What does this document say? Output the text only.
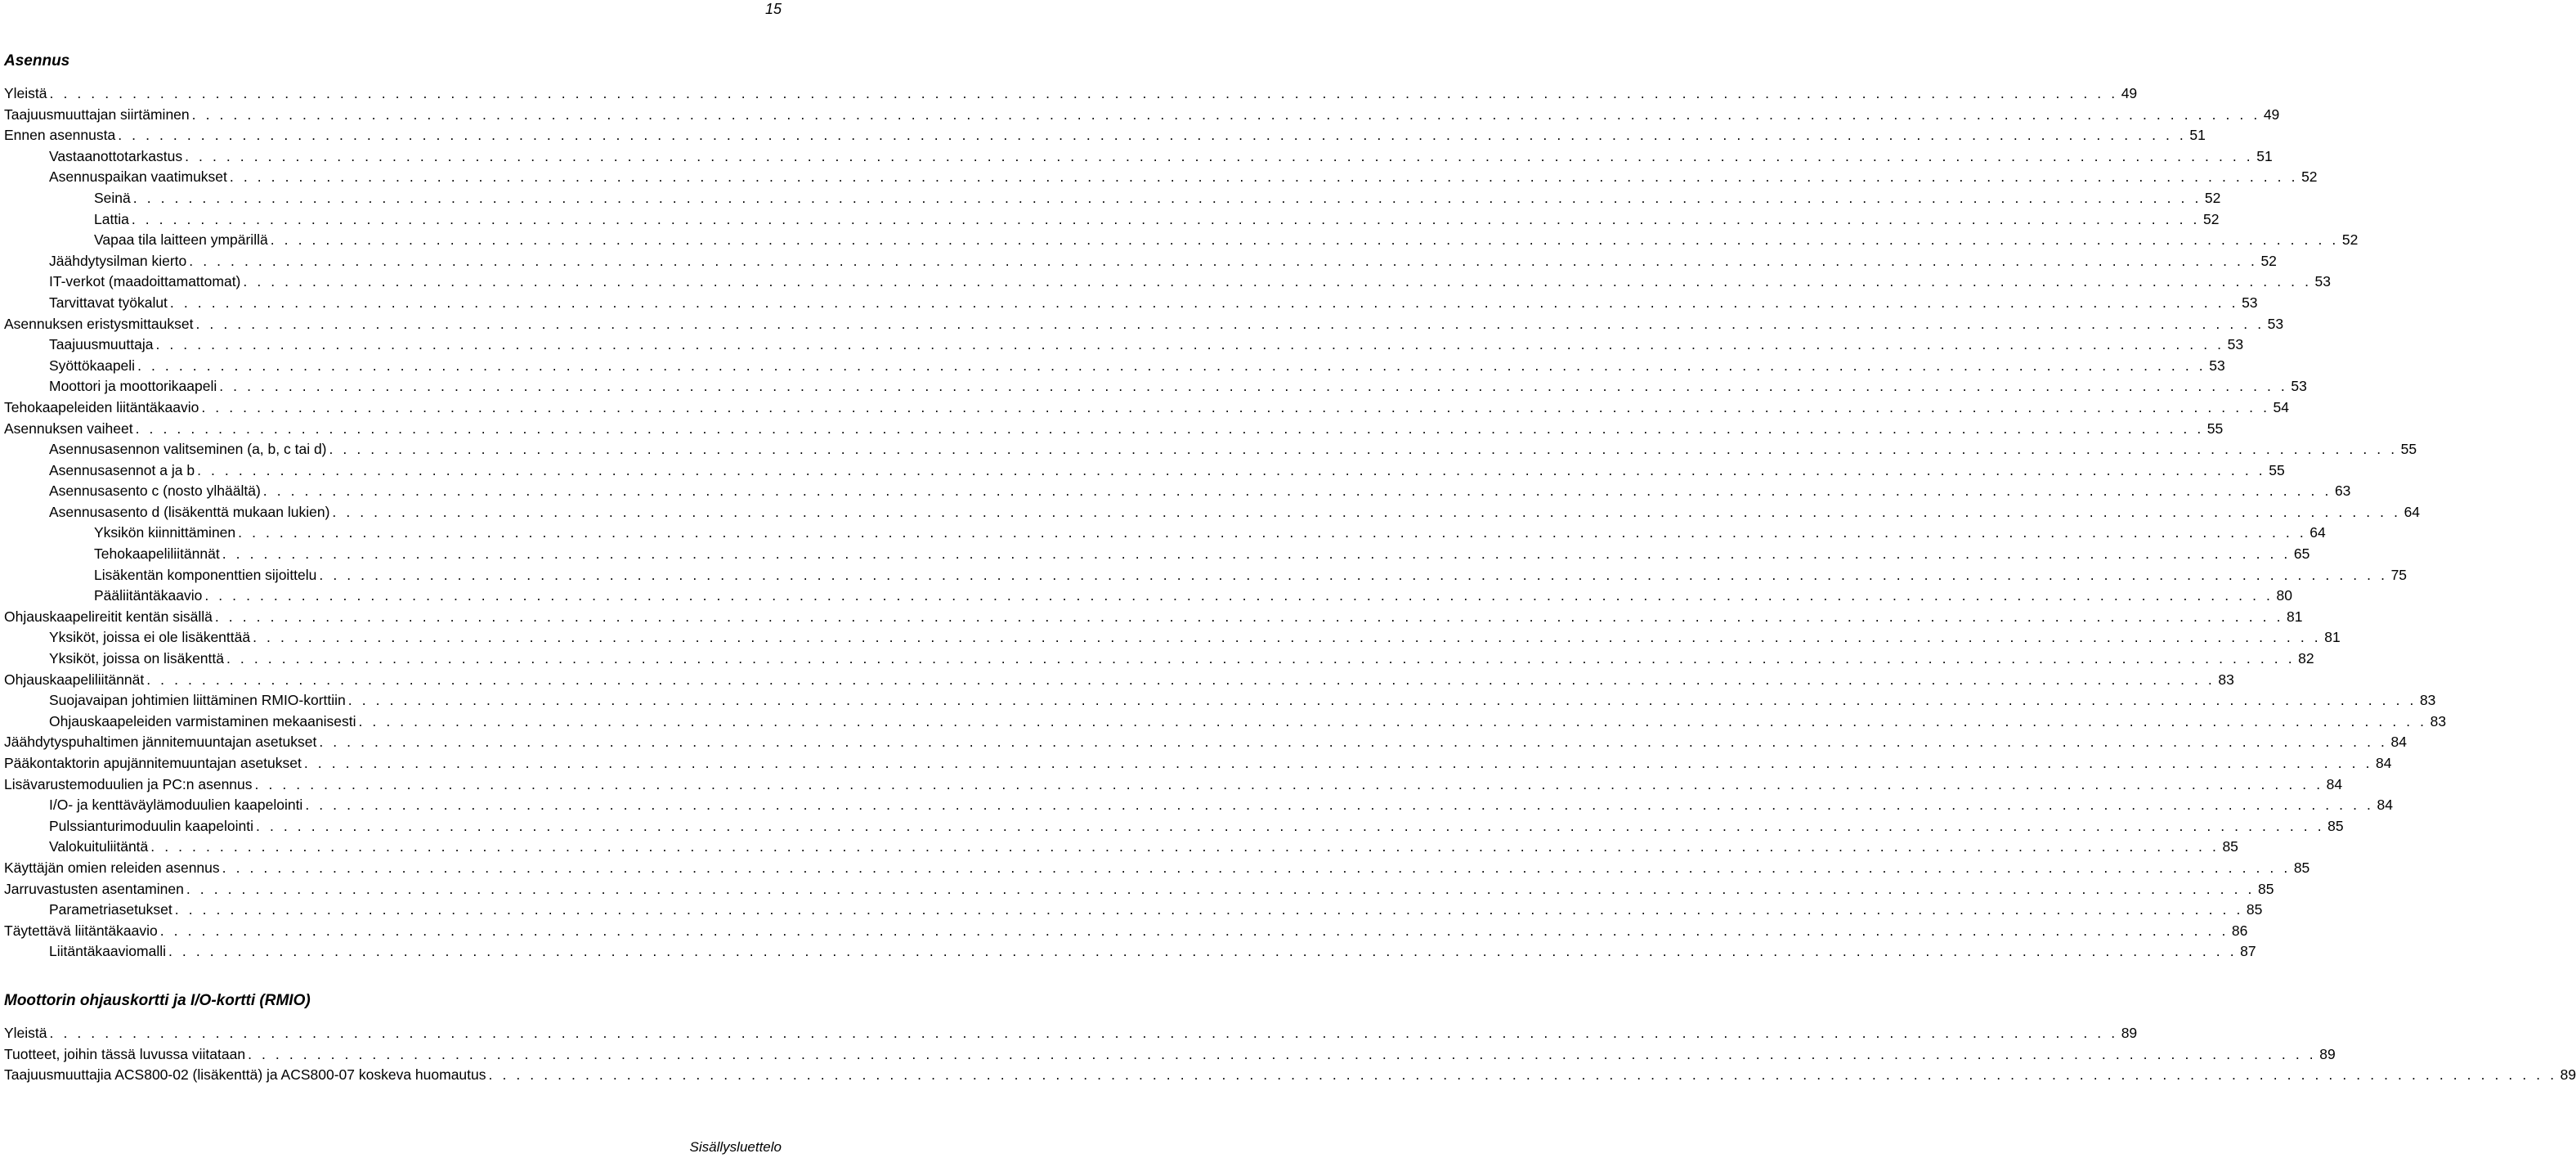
15
Asennus
Yleistä . . . . . . . . . . . . . . . . . . . . . . . . . . . . . . . . . . . . . . . . . . . . . . . . . . . . . . . . . . . . . . . . . . . . . . . . . . . . . . . . . . . . . . . . . . . . . . . . . . . . . . . . . . . . . . . . . . . . . . . . . . . . . . . . . . . . . . . . . . . . . . . . . . . . . . 49
Taajuusmuuttajan siirtäminen . . . . . . . . . . . . . . . . . . . . . . . . . . . . . . . . . . . . . . . . . . . . . . . . . . . . . . . . . . . . . . . . . . . . . . . . . . . . . . . . . . . . . . . . . . . . . . . . . . . . . . . . . . . . . . . . . . . . . . . . . . . . . . . . . . . . . . . . . . . . . . . . . . . . . . 49
Ennen asennusta . . . . . . . . . . . . . . . . . . . . . . . . . . . . . . . . . . . . . . . . . . . . . . . . . . . . . . . . . . . . . . . . . . . . . . . . . . . . . . . . . . . . . . . . . . . . . . . . . . . . . . . . . . . . . . . . . . . . . . . . . . . . . . . . . . . . . . . . . . . . . . . . . . . . . . 51
Vastaanottotarkastus . . . . . . . . . . . . . . . . . . . . . . . . . . . . . . . . . . . . . . . . . . . . . . . . . . . . . . . . . . . . . . . . . . . . . . . . . . . . . . . . . . . . . . . . . . . . . . . . . . . . . . . . . . . . . . . . . . . . . . . . . . . . . . . . . . . . . . . . . . . . . . . . . . . . . . 51
Asennuspaikan vaatimukset . . . . . . . . . . . . . . . . . . . . . . . . . . . . . . . . . . . . . . . . . . . . . . . . . . . . . . . . . . . . . . . . . . . . . . . . . . . . . . . . . . . . . . . . . . . . . . . . . . . . . . . . . . . . . . . . . . . . . . . . . . . . . . . . . . . . . . . . . . . . . . . . . . . . . . 52
Seinä . . . . . . . . . . . . . . . . . . . . . . . . . . . . . . . . . . . . . . . . . . . . . . . . . . . . . . . . . . . . . . . . . . . . . . . . . . . . . . . . . . . . . . . . . . . . . . . . . . . . . . . . . . . . . . . . . . . . . . . . . . . . . . . . . . . . . . . . . . . . . . . . . . . . . . 52
Lattia . . . . . . . . . . . . . . . . . . . . . . . . . . . . . . . . . . . . . . . . . . . . . . . . . . . . . . . . . . . . . . . . . . . . . . . . . . . . . . . . . . . . . . . . . . . . . . . . . . . . . . . . . . . . . . . . . . . . . . . . . . . . . . . . . . . . . . . . . . . . . . . . . . . . . . 52
Vapaa tila laitteen ympärillä . . . . . . . . . . . . . . . . . . . . . . . . . . . . . . . . . . . . . . . . . . . . . . . . . . . . . . . . . . . . . . . . . . . . . . . . . . . . . . . . . . . . . . . . . . . . . . . . . . . . . . . . . . . . . . . . . . . . . . . . . . . . . . . . . . . . . . . . . . . . . . . . . . . . . . 52
Jäähdytysilman kierto . . . . . . . . . . . . . . . . . . . . . . . . . . . . . . . . . . . . . . . . . . . . . . . . . . . . . . . . . . . . . . . . . . . . . . . . . . . . . . . . . . . . . . . . . . . . . . . . . . . . . . . . . . . . . . . . . . . . . . . . . . . . . . . . . . . . . . . . . . . . . . . . . . . . . . 52
IT-verkot (maadoittamattomat) . . . . . . . . . . . . . . . . . . . . . . . . . . . . . . . . . . . . . . . . . . . . . . . . . . . . . . . . . . . . . . . . . . . . . . . . . . . . . . . . . . . . . . . . . . . . . . . . . . . . . . . . . . . . . . . . . . . . . . . . . . . . . . . . . . . . . . . . . . . . . . . . . . . . . . 53
Tarvittavat työkalut . . . . . . . . . . . . . . . . . . . . . . . . . . . . . . . . . . . . . . . . . . . . . . . . . . . . . . . . . . . . . . . . . . . . . . . . . . . . . . . . . . . . . . . . . . . . . . . . . . . . . . . . . . . . . . . . . . . . . . . . . . . . . . . . . . . . . . . . . . . . . . . . . . . . . . 53
Asennuksen eristysmittaukset . . . . . . . . . . . . . . . . . . . . . . . . . . . . . . . . . . . . . . . . . . . . . . . . . . . . . . . . . . . . . . . . . . . . . . . . . . . . . . . . . . . . . . . . . . . . . . . . . . . . . . . . . . . . . . . . . . . . . . . . . . . . . . . . . . . . . . . . . . . . . . . . . . . . . . 53
Taajuusmuuttaja . . . . . . . . . . . . . . . . . . . . . . . . . . . . . . . . . . . . . . . . . . . . . . . . . . . . . . . . . . . . . . . . . . . . . . . . . . . . . . . . . . . . . . . . . . . . . . . . . . . . . . . . . . . . . . . . . . . . . . . . . . . . . . . . . . . . . . . . . . . . . . . . . . . . . . 53
Syöttökaapeli . . . . . . . . . . . . . . . . . . . . . . . . . . . . . . . . . . . . . . . . . . . . . . . . . . . . . . . . . . . . . . . . . . . . . . . . . . . . . . . . . . . . . . . . . . . . . . . . . . . . . . . . . . . . . . . . . . . . . . . . . . . . . . . . . . . . . . . . . . . . . . . . . . . . . . 53
Moottori ja moottorikaapeli . . . . . . . . . . . . . . . . . . . . . . . . . . . . . . . . . . . . . . . . . . . . . . . . . . . . . . . . . . . . . . . . . . . . . . . . . . . . . . . . . . . . . . . . . . . . . . . . . . . . . . . . . . . . . . . . . . . . . . . . . . . . . . . . . . . . . . . . . . . . . . . . . . . . . . 53
Tehokaapeleiden liitäntäkaavio . . . . . . . . . . . . . . . . . . . . . . . . . . . . . . . . . . . . . . . . . . . . . . . . . . . . . . . . . . . . . . . . . . . . . . . . . . . . . . . . . . . . . . . . . . . . . . . . . . . . . . . . . . . . . . . . . . . . . . . . . . . . . . . . . . . . . . . . . . . . . . . . . . . . . . 54
Asennuksen vaiheet . . . . . . . . . . . . . . . . . . . . . . . . . . . . . . . . . . . . . . . . . . . . . . . . . . . . . . . . . . . . . . . . . . . . . . . . . . . . . . . . . . . . . . . . . . . . . . . . . . . . . . . . . . . . . . . . . . . . . . . . . . . . . . . . . . . . . . . . . . . . . . . . . . . . . . 55
Asennusasennon valitseminen (a, b, c tai d) . . . . . . . . . . . . . . . . . . . . . . . . . . . . . . . . . . . . . . . . . . . . . . . . . . . . . . . . . . . . . . . . . . . . . . . . . . . . . . . . . . . . . . . . . . . . . . . . . . . . . . . . . . . . . . . . . . . . . . . . . . . . . . . . . . . . . . . . . . . . . . . . . . . . . . 55
Asennusasennot a ja b . . . . . . . . . . . . . . . . . . . . . . . . . . . . . . . . . . . . . . . . . . . . . . . . . . . . . . . . . . . . . . . . . . . . . . . . . . . . . . . . . . . . . . . . . . . . . . . . . . . . . . . . . . . . . . . . . . . . . . . . . . . . . . . . . . . . . . . . . . . . . . . . . . . . . . 55
Asennusasento c (nosto ylhäältä) . . . . . . . . . . . . . . . . . . . . . . . . . . . . . . . . . . . . . . . . . . . . . . . . . . . . . . . . . . . . . . . . . . . . . . . . . . . . . . . . . . . . . . . . . . . . . . . . . . . . . . . . . . . . . . . . . . . . . . . . . . . . . . . . . . . . . . . . . . . . . . . . . . . . . . 63
Asennusasento d (lisäkenttä mukaan lukien) . . . . . . . . . . . . . . . . . . . . . . . . . . . . . . . . . . . . . . . . . . . . . . . . . . . . . . . . . . . . . . . . . . . . . . . . . . . . . . . . . . . . . . . . . . . . . . . . . . . . . . . . . . . . . . . . . . . . . . . . . . . . . . . . . . . . . . . . . . . . . . . . . . . . . . 64
Yksikön kiinnittäminen . . . . . . . . . . . . . . . . . . . . . . . . . . . . . . . . . . . . . . . . . . . . . . . . . . . . . . . . . . . . . . . . . . . . . . . . . . . . . . . . . . . . . . . . . . . . . . . . . . . . . . . . . . . . . . . . . . . . . . . . . . . . . . . . . . . . . . . . . . . . . . . . . . . . . . 64
Tehokaapeliliitännät . . . . . . . . . . . . . . . . . . . . . . . . . . . . . . . . . . . . . . . . . . . . . . . . . . . . . . . . . . . . . . . . . . . . . . . . . . . . . . . . . . . . . . . . . . . . . . . . . . . . . . . . . . . . . . . . . . . . . . . . . . . . . . . . . . . . . . . . . . . . . . . . . . . . . . 65
Lisäkentän komponenttien sijoittelu . . . . . . . . . . . . . . . . . . . . . . . . . . . . . . . . . . . . . . . . . . . . . . . . . . . . . . . . . . . . . . . . . . . . . . . . . . . . . . . . . . . . . . . . . . . . . . . . . . . . . . . . . . . . . . . . . . . . . . . . . . . . . . . . . . . . . . . . . . . . . . . . . . . . . . 75
Pääliitäntäkaavio . . . . . . . . . . . . . . . . . . . . . . . . . . . . . . . . . . . . . . . . . . . . . . . . . . . . . . . . . . . . . . . . . . . . . . . . . . . . . . . . . . . . . . . . . . . . . . . . . . . . . . . . . . . . . . . . . . . . . . . . . . . . . . . . . . . . . . . . . . . . . . . . . . . . . . 80
Ohjauskaapelireitit kentän sisällä . . . . . . . . . . . . . . . . . . . . . . . . . . . . . . . . . . . . . . . . . . . . . . . . . . . . . . . . . . . . . . . . . . . . . . . . . . . . . . . . . . . . . . . . . . . . . . . . . . . . . . . . . . . . . . . . . . . . . . . . . . . . . . . . . . . . . . . . . . . . . . . . . . . . . . 81
Yksiköt, joissa ei ole lisäkenttää . . . . . . . . . . . . . . . . . . . . . . . . . . . . . . . . . . . . . . . . . . . . . . . . . . . . . . . . . . . . . . . . . . . . . . . . . . . . . . . . . . . . . . . . . . . . . . . . . . . . . . . . . . . . . . . . . . . . . . . . . . . . . . . . . . . . . . . . . . . . . . . . . . . . . . 81
Yksiköt, joissa on lisäkenttä . . . . . . . . . . . . . . . . . . . . . . . . . . . . . . . . . . . . . . . . . . . . . . . . . . . . . . . . . . . . . . . . . . . . . . . . . . . . . . . . . . . . . . . . . . . . . . . . . . . . . . . . . . . . . . . . . . . . . . . . . . . . . . . . . . . . . . . . . . . . . . . . . . . . . . 82
Ohjauskaapeliliitännät . . . . . . . . . . . . . . . . . . . . . . . . . . . . . . . . . . . . . . . . . . . . . . . . . . . . . . . . . . . . . . . . . . . . . . . . . . . . . . . . . . . . . . . . . . . . . . . . . . . . . . . . . . . . . . . . . . . . . . . . . . . . . . . . . . . . . . . . . . . . . . . . . . . . . . 83
Suojavaipan johtimien liittäminen RMIO-korttiin . . . . . . . . . . . . . . . . . . . . . . . . . . . . . . . . . . . . . . . . . . . . . . . . . . . . . . . . . . . . . . . . . . . . . . . . . . . . . . . . . . . . . . . . . . . . . . . . . . . . . . . . . . . . . . . . . . . . . . . . . . . . . . . . . . . . . . . . . . . . . . . . . . . . . . 83
Ohjauskaapeleiden varmistaminen mekaanisesti . . . . . . . . . . . . . . . . . . . . . . . . . . . . . . . . . . . . . . . . . . . . . . . . . . . . . . . . . . . . . . . . . . . . . . . . . . . . . . . . . . . . . . . . . . . . . . . . . . . . . . . . . . . . . . . . . . . . . . . . . . . . . . . . . . . . . . . . . . . . . . . . . . . . . . 83
Jäähdytyspuhaltimen jännitemuuntajan asetukset . . . . . . . . . . . . . . . . . . . . . . . . . . . . . . . . . . . . . . . . . . . . . . . . . . . . . . . . . . . . . . . . . . . . . . . . . . . . . . . . . . . . . . . . . . . . . . . . . . . . . . . . . . . . . . . . . . . . . . . . . . . . . . . . . . . . . . . . . . . . . . . . . . . . . . 84
Pääkontaktorin apujännitemuuntajan asetukset . . . . . . . . . . . . . . . . . . . . . . . . . . . . . . . . . . . . . . . . . . . . . . . . . . . . . . . . . . . . . . . . . . . . . . . . . . . . . . . . . . . . . . . . . . . . . . . . . . . . . . . . . . . . . . . . . . . . . . . . . . . . . . . . . . . . . . . . . . . . . . . . . . . . . . 84
Lisävarustemoduulien ja PC:n asennus . . . . . . . . . . . . . . . . . . . . . . . . . . . . . . . . . . . . . . . . . . . . . . . . . . . . . . . . . . . . . . . . . . . . . . . . . . . . . . . . . . . . . . . . . . . . . . . . . . . . . . . . . . . . . . . . . . . . . . . . . . . . . . . . . . . . . . . . . . . . . . . . . . . . . . 84
I/O- ja kenttäväylämoduulien kaapelointi . . . . . . . . . . . . . . . . . . . . . . . . . . . . . . . . . . . . . . . . . . . . . . . . . . . . . . . . . . . . . . . . . . . . . . . . . . . . . . . . . . . . . . . . . . . . . . . . . . . . . . . . . . . . . . . . . . . . . . . . . . . . . . . . . . . . . . . . . . . . . . . . . . . . . . 84
Pulssianturimoduulin kaapelointi . . . . . . . . . . . . . . . . . . . . . . . . . . . . . . . . . . . . . . . . . . . . . . . . . . . . . . . . . . . . . . . . . . . . . . . . . . . . . . . . . . . . . . . . . . . . . . . . . . . . . . . . . . . . . . . . . . . . . . . . . . . . . . . . . . . . . . . . . . . . . . . . . . . . . . 85
Valokuituliitäntä . . . . . . . . . . . . . . . . . . . . . . . . . . . . . . . . . . . . . . . . . . . . . . . . . . . . . . . . . . . . . . . . . . . . . . . . . . . . . . . . . . . . . . . . . . . . . . . . . . . . . . . . . . . . . . . . . . . . . . . . . . . . . . . . . . . . . . . . . . . . . . . . . . . . . . 85
Käyttäjän omien releiden asennus . . . . . . . . . . . . . . . . . . . . . . . . . . . . . . . . . . . . . . . . . . . . . . . . . . . . . . . . . . . . . . . . . . . . . . . . . . . . . . . . . . . . . . . . . . . . . . . . . . . . . . . . . . . . . . . . . . . . . . . . . . . . . . . . . . . . . . . . . . . . . . . . . . . . . . 85
Jarruvastusten asentaminen . . . . . . . . . . . . . . . . . . . . . . . . . . . . . . . . . . . . . . . . . . . . . . . . . . . . . . . . . . . . . . . . . . . . . . . . . . . . . . . . . . . . . . . . . . . . . . . . . . . . . . . . . . . . . . . . . . . . . . . . . . . . . . . . . . . . . . . . . . . . . . . . . . . . . . 85
Parametriasetukset . . . . . . . . . . . . . . . . . . . . . . . . . . . . . . . . . . . . . . . . . . . . . . . . . . . . . . . . . . . . . . . . . . . . . . . . . . . . . . . . . . . . . . . . . . . . . . . . . . . . . . . . . . . . . . . . . . . . . . . . . . . . . . . . . . . . . . . . . . . . . . . . . . . . . . 85
Täytettävä liitäntäkaavio . . . . . . . . . . . . . . . . . . . . . . . . . . . . . . . . . . . . . . . . . . . . . . . . . . . . . . . . . . . . . . . . . . . . . . . . . . . . . . . . . . . . . . . . . . . . . . . . . . . . . . . . . . . . . . . . . . . . . . . . . . . . . . . . . . . . . . . . . . . . . . . . . . . . . . 86
Liitäntäkaaviomalli . . . . . . . . . . . . . . . . . . . . . . . . . . . . . . . . . . . . . . . . . . . . . . . . . . . . . . . . . . . . . . . . . . . . . . . . . . . . . . . . . . . . . . . . . . . . . . . . . . . . . . . . . . . . . . . . . . . . . . . . . . . . . . . . . . . . . . . . . . . . . . . . . . . . . . 87
Moottorin ohjauskortti ja I/O-kortti (RMIO)
Yleistä . . . . . . . . . . . . . . . . . . . . . . . . . . . . . . . . . . . . . . . . . . . . . . . . . . . . . . . . . . . . . . . . . . . . . . . . . . . . . . . . . . . . . . . . . . . . . . . . . . . . . . . . . . . . . . . . . . . . . . . . . . . . . . . . . . . . . . . . . . . . . . . . . . . . . . 89
Tuotteet, joihin tässä luvussa viitataan . . . . . . . . . . . . . . . . . . . . . . . . . . . . . . . . . . . . . . . . . . . . . . . . . . . . . . . . . . . . . . . . . . . . . . . . . . . . . . . . . . . . . . . . . . . . . . . . . . . . . . . . . . . . . . . . . . . . . . . . . . . . . . . . . . . . . . . . . . . . . . . . . . . . . . 89
Taajuusmuuttajia ACS800-02 (lisäkenttä) ja ACS800-07 koskeva huomautus . . . . . . . . . . . . . . . . . . . . . . . . . . . . . . . . . . . . . . . . . . . . . . . . . . . . . . . . . . . . . . . . . . . . . . . . . . . . . . . . . . . . . . . . . . . . . . . . . . . . . . . . . . . . . . . . . . . . . . . . . . . . . . . . . . . . . . . . . . . . . . . . . . . . . . 89
Sisällysluettelo
